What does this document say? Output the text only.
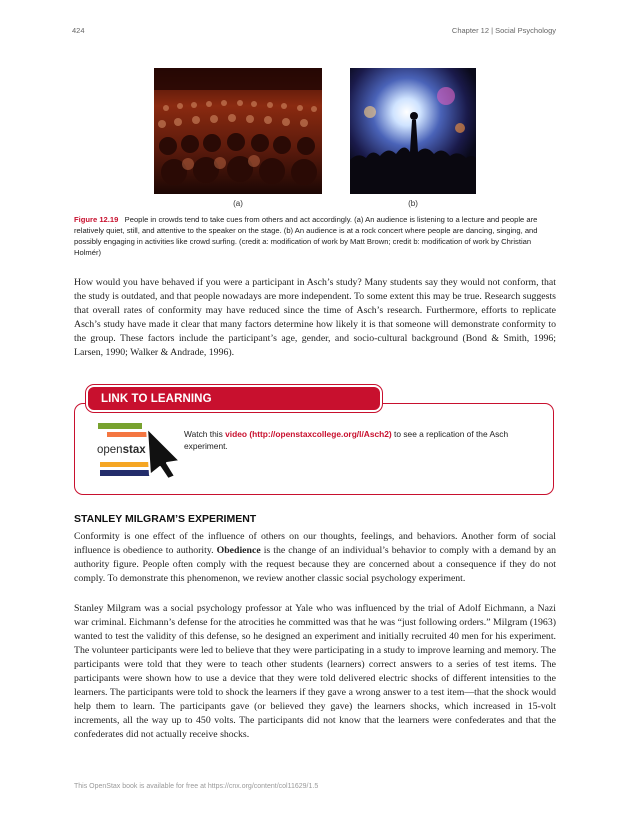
424	Chapter 12 | Social Psychology
(a)	(b)
Figure 12.19 People in crowds tend to take cues from others and act accordingly. (a) An audience is listening to a lecture and people are relatively quiet, still, and attentive to the speaker on the stage. (b) An audience is at a rock concert where people are dancing, singing, and possibly engaging in activities like crowd surfing. (credit a: modification of work by Matt Brown; credit b: modification of work by Christian Holmér)

How would you have behaved if you were a participant in Asch’s study? Many students say they would not conform, that the study is outdated, and that people nowadays are more independent. To some extent this may be true. Research suggests that overall rates of conformity may have reduced since the time of Asch’s research. Furthermore, efforts to replicate Asch’s study have made it clear that many factors determine how likely it is that someone will demonstrate conformity to the group. These factors include the participant’s age, gender, and socio-cultural background (Bond & Smith, 1996; Larsen, 1990; Walker & Andrade, 1996).

LINK TO LEARNING
openstax
Watch this video (http://openstaxcollege.org/l/Asch2) to see a replication of the Asch experiment.
STANLEY MILGRAM’S EXPERIMENT

Conformity is one effect of the influence of others on our thoughts, feelings, and behaviors. Another form of social influence is obedience to authority. Obedience is the change of an individual’s behavior to comply with a demand by an authority figure. People often comply with the request because they are concerned about a consequence if they do not comply. To demonstrate this phenomenon, we review another classic social psychology experiment.

Stanley Milgram was a social psychology professor at Yale who was influenced by the trial of Adolf Eichmann, a Nazi war criminal. Eichmann’s defense for the atrocities he committed was that he was “just following orders.” Milgram (1963) wanted to test the validity of this defense, so he designed an experiment and initially recruited 40 men for his experiment. The volunteer participants were led to believe that they were participating in a study to improve learning and memory. The participants were told that they were to teach other students (learners) correct answers to a series of test items. The participants were shown how to use a device that they were told delivered electric shocks of different intensities to the learners. The participants were told to shock the learners if they gave a wrong answer to a test item—that the shock would help them to learn. The participants gave (or believed they gave) the learners shocks, which increased in 15-volt increments, all the way up to 450 volts. The participants did not know that the learners were confederates and that the confederates did not actually receive shocks.

This OpenStax book is available for free at https://cnx.org/content/col11629/1.5
